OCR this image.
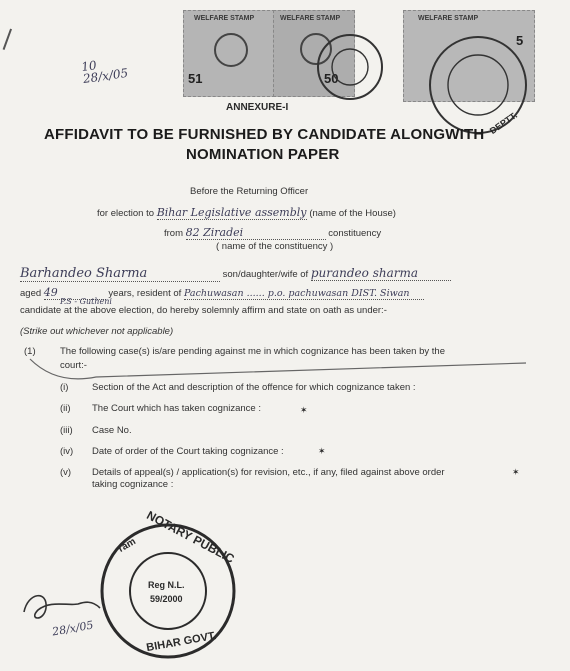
10
28/x/05
WELFARE STAMP
51
WELFARE STAMP
50
WELFARE STAMP
5
DEPTT.
ANNEXURE-I
AFFIDAVIT TO BE FURNISHED BY CANDIDATE ALONGWITH
NOMINATION PAPER
Before the Returning Officer
for election to Bihar Legislative assembly (name of the House)
from 82 Ziradei	constituency
( name of the constituency )
Barhandeo Sharma	son/daughter/wife of purandeo sharma
aged 49	years, resident of Pachuwasan ...... p.o. pachuwasan DIST. Siwan
P.S - Gutheni
candidate at the above election, do hereby solemnly affirm and state on oath as under:-
(Strike out whichever not applicable)
(1)	The following case(s) is/are pending against me in which cognizance has been taken by the
court:-
(i) Section of the Act and description of the offence for which cognizance taken :
(ii) The Court which has taken cognizance :
(iii) Case No.
(iv) Date of order of the Court taking cognizance :
(v) Details of appeal(s) / application(s) for revision, etc., if any, filed against above order
taking cognizance :
✶
✶
✶
NOTARY PUBLIC
ram
BIHAR GOVT.
Reg N.L.
59/2000
28/x/05
